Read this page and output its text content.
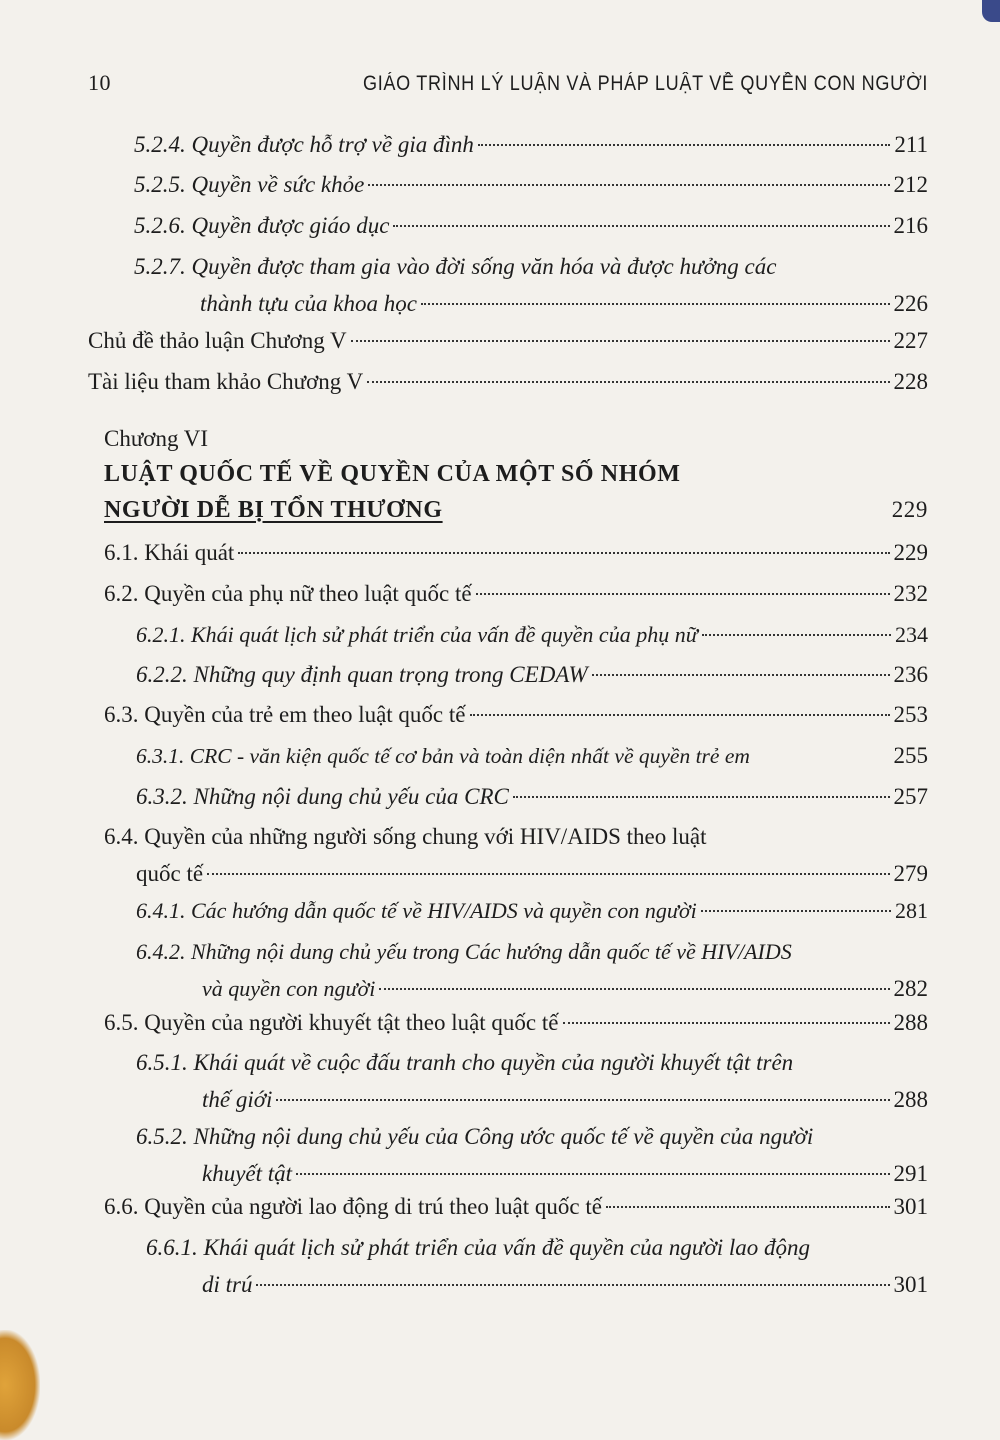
10	GIÁO TRÌNH LÝ LUẬN VÀ PHÁP LUẬT VỀ QUYỀN CON NGƯỜI
5.2.4. Quyền được hỗ trợ về gia đình	211
5.2.5. Quyền về sức khỏe	212
5.2.6. Quyền được giáo dục	216
5.2.7. Quyền được tham gia vào đời sống văn hóa và được hưởng các
thành tựu của khoa học	226
Chủ đề thảo luận Chương V	227
Tài liệu tham khảo Chương V	228
Chương VI
LUẬT QUỐC TẾ VỀ QUYỀN CỦA MỘT SỐ NHÓM
NGƯỜI DỄ BỊ TỔN THƯƠNG	229
6.1. Khái quát	229
6.2. Quyền của phụ nữ theo luật quốc tế	232
6.2.1. Khái quát lịch sử phát triển của vấn đề quyền của phụ nữ	234
6.2.2. Những quy định quan trọng trong CEDAW	236
6.3. Quyền của trẻ em theo luật quốc tế	253
6.3.1. CRC - văn kiện quốc tế cơ bản và toàn diện nhất về quyền trẻ em	255
6.3.2. Những nội dung chủ yếu của CRC	257
6.4. Quyền của những người sống chung với HIV/AIDS theo luật
quốc tế	279
6.4.1. Các hướng dẫn quốc tế về HIV/AIDS và quyền con người	281
6.4.2. Những nội dung chủ yếu trong Các hướng dẫn quốc tế về HIV/AIDS
và quyền con người	282
6.5. Quyền của người khuyết tật theo luật quốc tế	288
6.5.1. Khái quát về cuộc đấu tranh cho quyền của người khuyết tật trên
thế giới	288
6.5.2. Những nội dung chủ yếu của Công ước quốc tế về quyền của người
khuyết tật	291
6.6. Quyền của người lao động di trú theo luật quốc tế	301
6.6.1. Khái quát lịch sử phát triển của vấn đề quyền của người lao động
di trú	301
